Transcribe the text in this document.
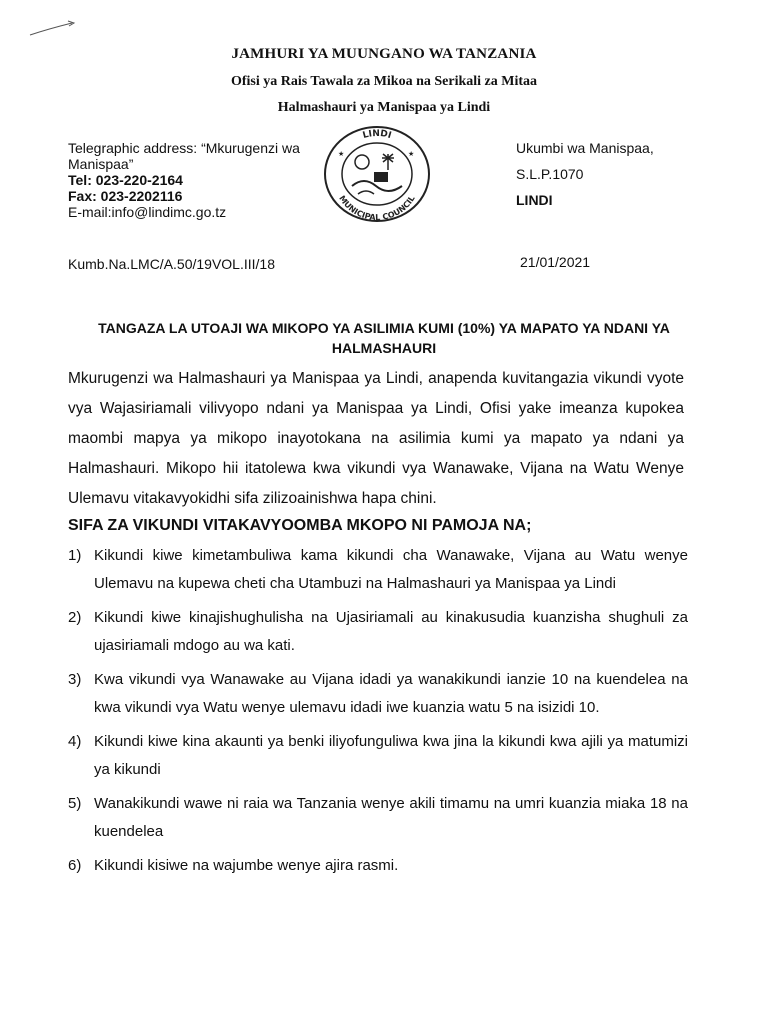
JAMHURI YA MUUNGANO WA TANZANIA
Ofisi ya Rais Tawala za Mikoa na Serikali za Mitaa
Halmashauri ya Manispaa ya Lindi
Telegraphic address: “Mkurugenzi wa Manispaa”
Tel: 023-220-2164
Fax: 023-2202116
E-mail:info@lindimc.go.tz
LINDI
MUNICIPAL COUNCIL
★	★	Ukumbi wa Manispaa,
S.L.P.1070
LINDI
Kumb.Na.LMC/A.50/19VOL.III/18	21/01/2021
TANGAZA LA UTOAJI WA MIKOPO YA ASILIMIA KUMI (10%) YA MAPATO YA NDANI YA HALMASHAURI
Mkurugenzi wa Halmashauri ya Manispaa ya Lindi, anapenda kuvitangazia vikundi vyote vya Wajasiriamali vilivyopo ndani ya Manispaa ya Lindi, Ofisi yake imeanza kupokea maombi mapya ya mikopo inayotokana na asilimia kumi ya mapato ya ndani ya Halmashauri. Mikopo hii itatolewa kwa vikundi vya Wanawake, Vijana na Watu Wenye Ulemavu vitakavyokidhi sifa zilizoainishwa hapa chini.
SIFA ZA VIKUNDI VITAKAVYOOMBA MKOPO NI PAMOJA NA;
1) Kikundi kiwe kimetambuliwa kama kikundi cha Wanawake, Vijana au Watu wenye Ulemavu na kupewa cheti cha Utambuzi na Halmashauri ya Manispaa ya Lindi
2) Kikundi kiwe kinajishughulisha na Ujasiriamali au kinakusudia kuanzisha shughuli za ujasiriamali mdogo au wa kati.
3) Kwa vikundi vya Wanawake au Vijana idadi ya wanakikundi ianzie 10 na kuendelea na kwa vikundi vya Watu wenye ulemavu idadi iwe kuanzia watu 5 na isizidi 10.
4) Kikundi kiwe kina akaunti ya benki iliyofunguliwa kwa jina la kikundi kwa ajili ya matumizi ya kikundi
5) Wanakikundi wawe ni raia wa Tanzania wenye akili timamu na umri kuanzia miaka 18 na kuendelea
6) Kikundi kisiwe na wajumbe wenye ajira rasmi.
